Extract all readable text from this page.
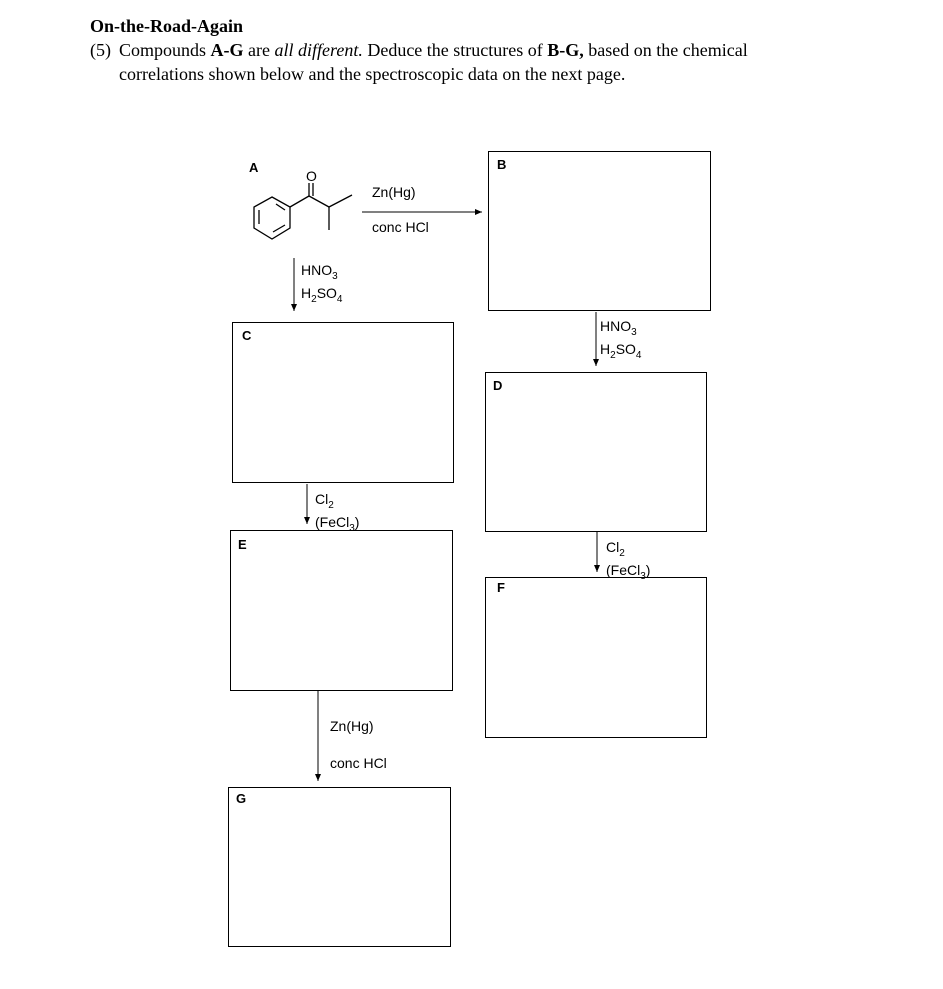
On-the-Road-Again
(5) Compounds A-G are all different. Deduce the structures of B-G, based on the chemical
correlations shown below and the spectroscopic data on the next page.
O
A
Zn(Hg)
conc HCl
B
$HNO_3$
$H_2SO_4$
C
$HNO_3$
$H_2SO_4$
D
$Cl_2$
(FeCl$_3$)
E	$Cl_2$
(FeCl$_3$)
F
Zn(Hg)
conc HCl
G
